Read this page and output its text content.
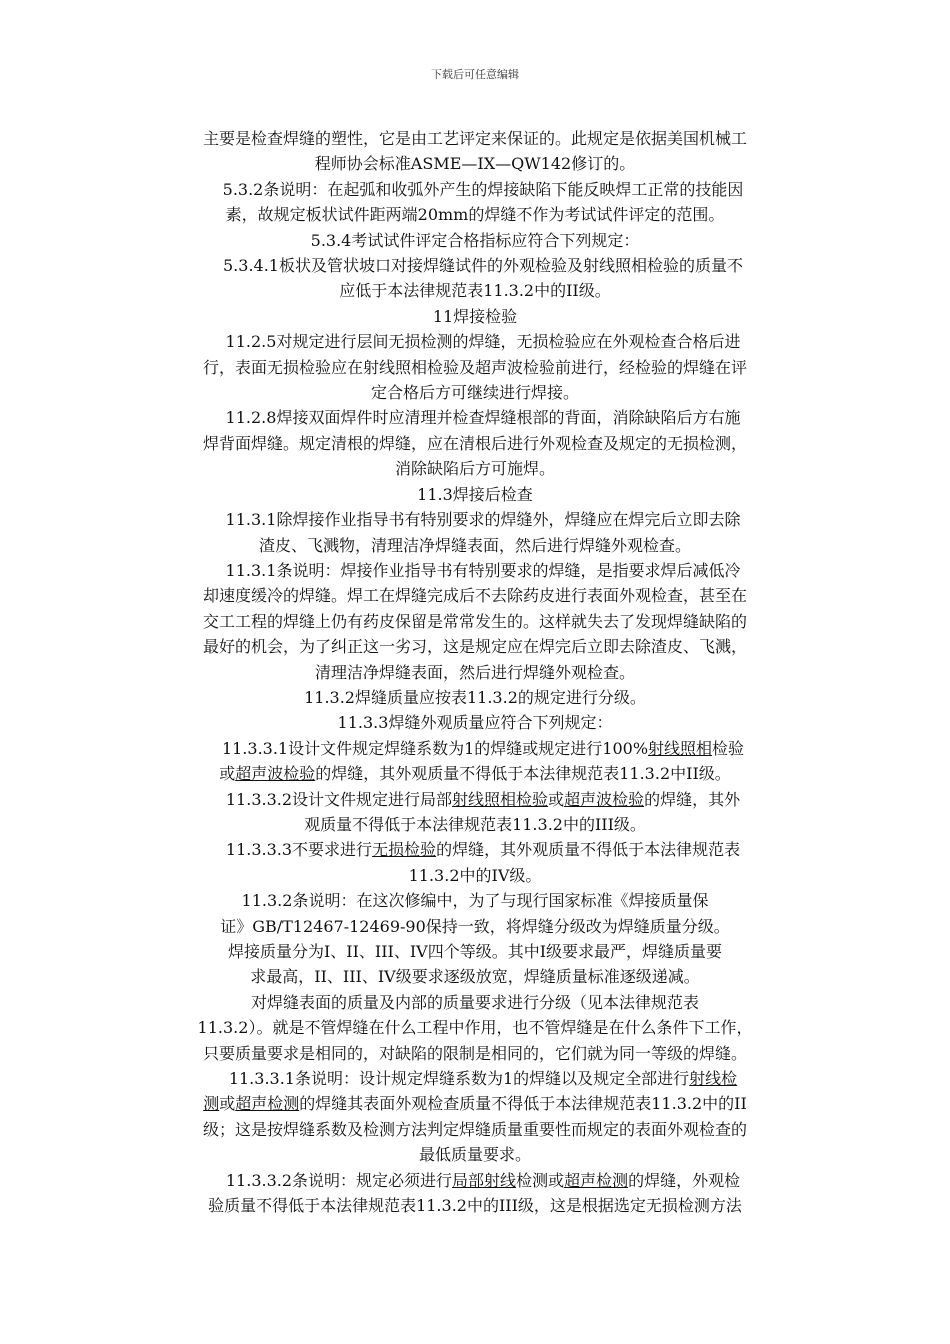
下载后可任意编辑

主要是检查焊缝的塑性，它是由工艺评定来保证的。此规定是依据美国机械工

程师协会标准ASME—IX—QW142修订的。

　5.3.2条说明：在起弧和收弧外产生的焊接缺陷下能反映焊工正常的技能因

素，故规定板状试件距两端20mm的焊缝不作为考试试件评定的范围。

5.3.4考试试件评定合格指标应符合下列规定：

　5.3.4.1板状及管状坡口对接焊缝试件的外观检验及射线照相检验的质量不

应低于本法律规范表11.3.2中的II级。

11焊接检验

　11.2.5对规定进行层间无损检测的焊缝，无损检验应在外观检查合格后进

行，表面无损检验应在射线照相检验及超声波检验前进行，经检验的焊缝在评

定合格后方可继续进行焊接。

　11.2.8焊接双面焊件时应清理并检查焊缝根部的背面，消除缺陷后方右施

焊背面焊缝。规定清根的焊缝，应在清根后进行外观检查及规定的无损检测，

消除缺陷后方可施焊。

11.3焊接后检查

　11.3.1除焊接作业指导书有特别要求的焊缝外，焊缝应在焊完后立即去除

渣皮、飞溅物，清理洁净焊缝表面，然后进行焊缝外观检查。

　11.3.1条说明：焊接作业指导书有特别要求的焊缝，是指要求焊后减低冷

却速度缓冷的焊缝。焊工在焊缝完成后不去除药皮进行表面外观检查，甚至在

交工工程的焊缝上仍有药皮保留是常常发生的。这样就失去了发现焊缝缺陷的

最好的机会，为了纠正这一劣习，这是规定应在焊完后立即去除渣皮、飞溅，

清理洁净焊缝表面，然后进行焊缝外观检查。

11.3.2焊缝质量应按表11.3.2的规定进行分级。

11.3.3焊缝外观质量应符合下列规定：

　11.3.3.1设计文件规定焊缝系数为1的焊缝或规定进行100%射线照相检验

或超声波检验的焊缝，其外观质量不得低于本法律规范表11.3.2中II级。

　11.3.3.2设计文件规定进行局部射线照相检验或超声波检验的焊缝，其外

观质量不得低于本法律规范表11.3.2中的III级。

　11.3.3.3不要求进行无损检验的焊缝，其外观质量不得低于本法律规范表

11.3.2中的IV级。

11.3.2条说明：在这次修编中，为了与现行国家标准《焊接质量保

证》GB/T12467-12469-90保持一致，将焊缝分级改为焊缝质量分级。

焊接质量分为I、II、III、IV四个等级。其中I级要求最严，焊缝质量要

求最高，II、III、IV级要求逐级放宽，焊缝质量标准逐级递减。

对焊缝表面的质量及内部的质量要求进行分级（见本法律规范表

11.3.2）。就是不管焊缝在什么工程中作用，也不管焊缝是在什么条件下工作，

只要质量要求是相同的，对缺陷的限制是相同的，它们就为同一等级的焊缝。

　11.3.3.1条说明：设计规定焊缝系数为1的焊缝以及规定全部进行射线检

测或超声检测的焊缝其表面外观检查质量不得低于本法律规范表11.3.2中的II

级；这是按焊缝系数及检测方法判定焊缝质量重要性而规定的表面外观检查的

最低质量要求。

　11.3.3.2条说明：规定必须进行局部射线检测或超声检测的焊缝，外观检

验质量不得低于本法律规范表11.3.2中的III级，这是根据选定无损检测方法
